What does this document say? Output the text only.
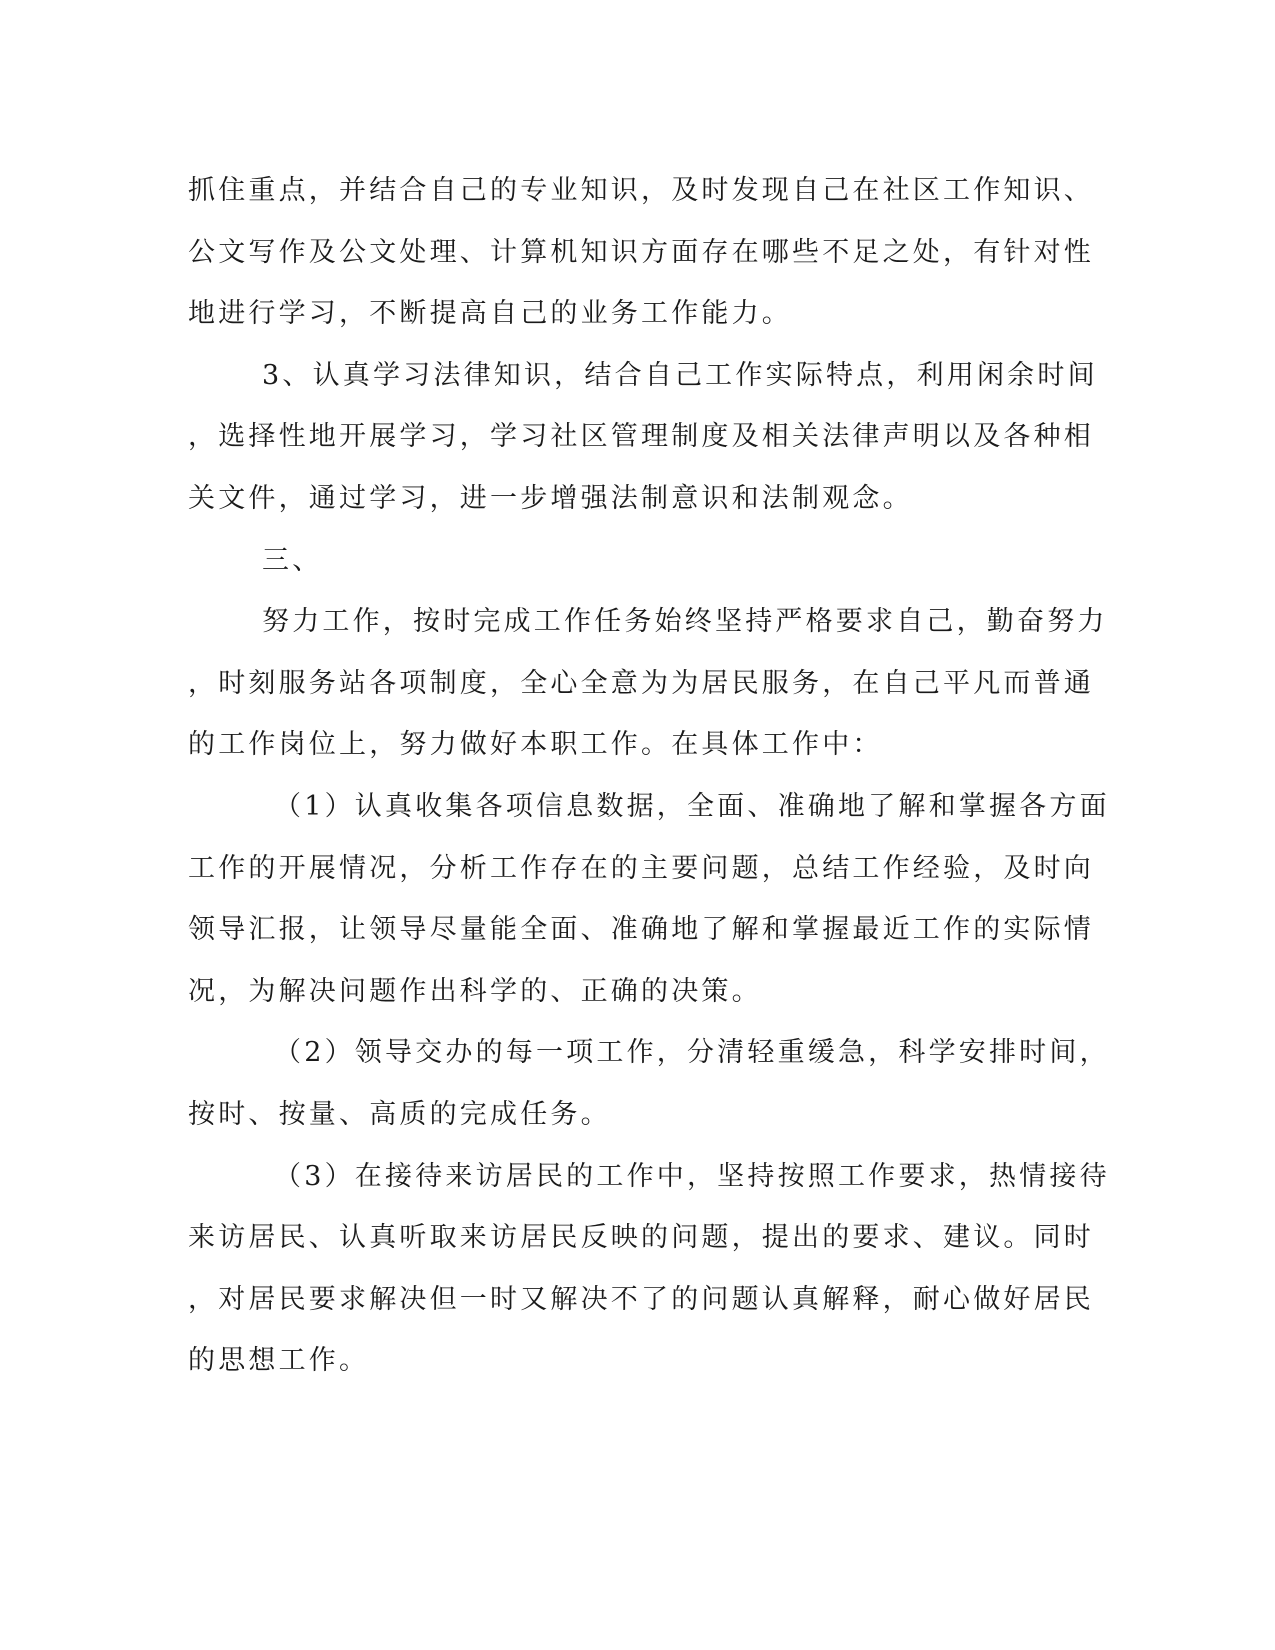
抓住重点，并结合自己的专业知识，及时发现自己在社区工作知识、
公文写作及公文处理、计算机知识方面存在哪些不足之处，有针对性
地进行学习，不断提高自己的业务工作能力。
3、认真学习法律知识，结合自己工作实际特点，利用闲余时间
，选择性地开展学习，学习社区管理制度及相关法律声明以及各种相
关文件，通过学习，进一步增强法制意识和法制观念。
三、
努力工作，按时完成工作任务始终坚持严格要求自己，勤奋努力
，时刻服务站各项制度，全心全意为为居民服务，在自己平凡而普通
的工作岗位上，努力做好本职工作。在具体工作中：
（1）认真收集各项信息数据，全面、准确地了解和掌握各方面
工作的开展情况，分析工作存在的主要问题，总结工作经验，及时向
领导汇报，让领导尽量能全面、准确地了解和掌握最近工作的实际情
况，为解决问题作出科学的、正确的决策。
（2）领导交办的每一项工作，分清轻重缓急，科学安排时间，
按时、按量、高质的完成任务。
（3）在接待来访居民的工作中，坚持按照工作要求，热情接待
来访居民、认真听取来访居民反映的问题，提出的要求、建议。同时
，对居民要求解决但一时又解决不了的问题认真解释，耐心做好居民
的思想工作。
